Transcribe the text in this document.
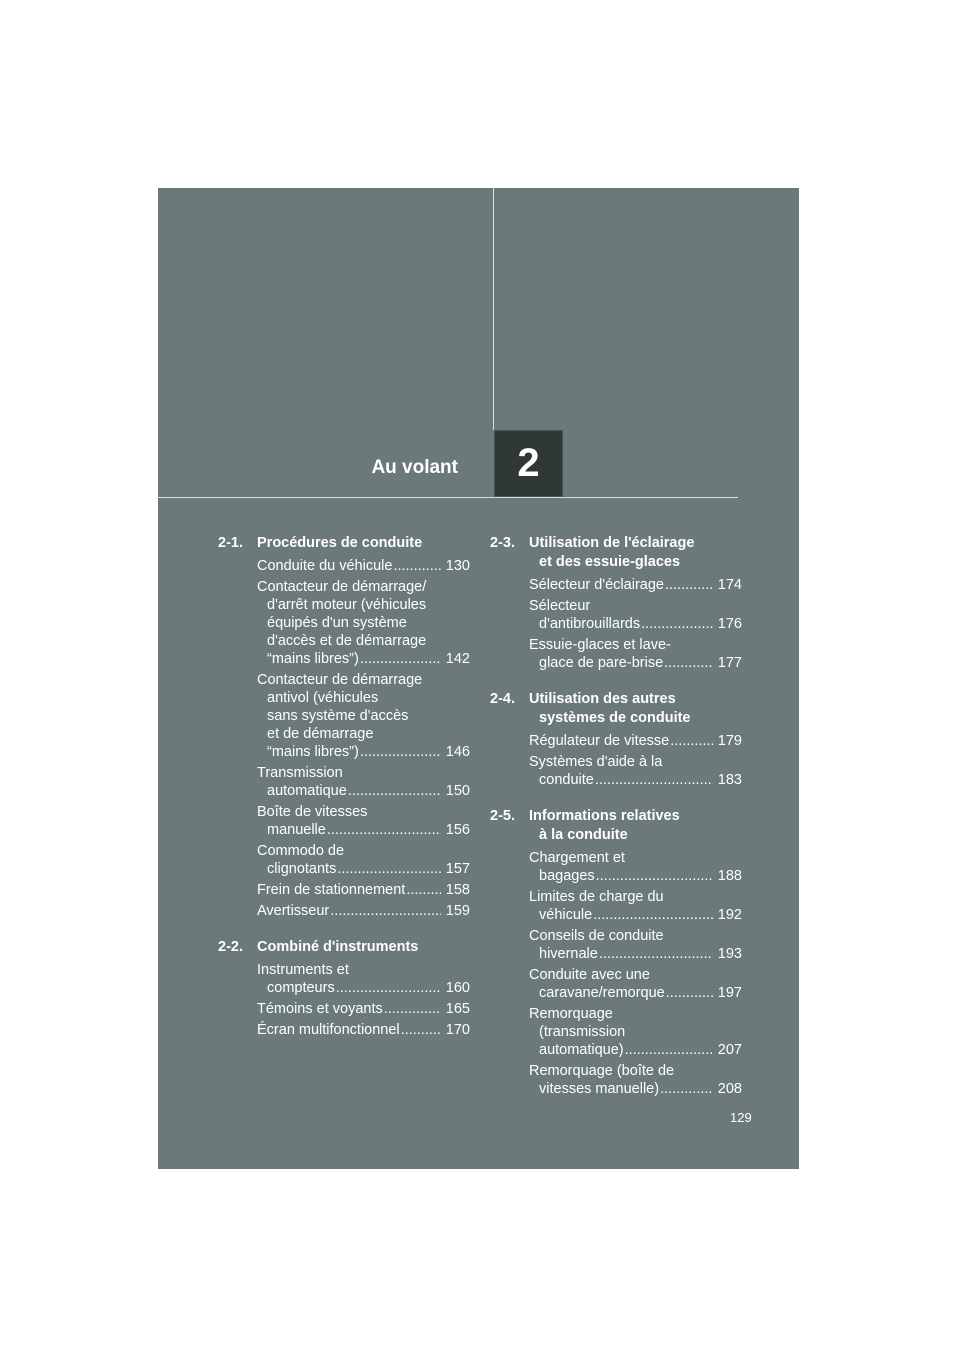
Au volant 2
2-1. Procédures de conduite
Conduite du véhicule .....	130
Contacteur de démarrage/
d'arrêt moteur (véhicules
équipés d'un système
d'accès et de démarrage
“mains libres”) .....	142
Contacteur de démarrage
antivol (véhicules
sans système d'accès
et de démarrage
“mains libres”) .....	146
Transmission
automatique .....	150
Boîte de vitesses
manuelle .....	156
Commodo de
clignotants .....	157
Frein de stationnement .....	158
Avertisseur .....	159
2-2. Combiné d'instruments
Instruments et
compteurs .....	160
Témoins et voyants .....	165
Écran multifonctionnel .....	170
2-3. Utilisation de l'éclairage
et des essuie-glaces
Sélecteur d'éclairage .....	174
Sélecteur
d'antibrouillards .....	176
Essuie-glaces et lave-
glace de pare-brise .....	177
2-4. Utilisation des autres
systèmes de conduite
Régulateur de vitesse .....	179
Systèmes d'aide à la
conduite .....	183
2-5. Informations relatives
à la conduite
Chargement et
bagages .....	188
Limites de charge du
véhicule .....	192
Conseils de conduite
hivernale .....	193
Conduite avec une
caravane/remorque .....	197
Remorquage
(transmission
automatique) .....	207
Remorquage (boîte de
vitesses manuelle) .....	208
129
